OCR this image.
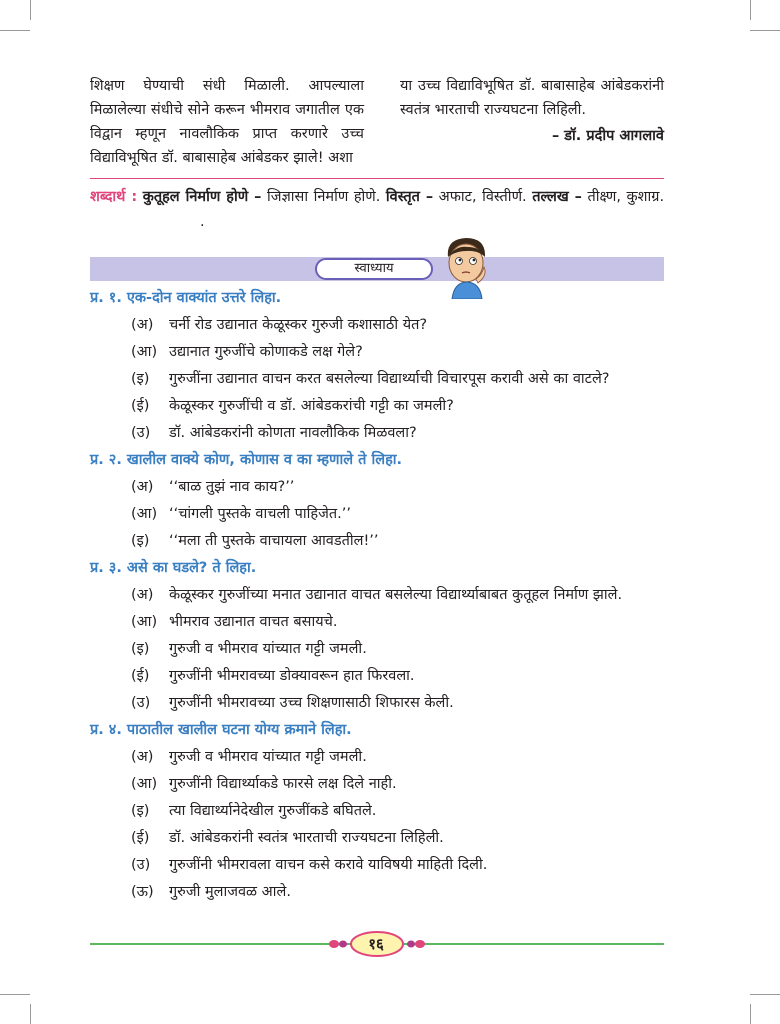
शिक्षण घेण्याची संधी मिळाली. आपल्याला मिळालेल्या संधीचे सोने करून भीमराव जगातील एक विद्वान म्हणून नावलौकिक प्राप्त करणारे उच्च विद्याविभूषित डॉ. बाबासाहेब आंबेडकर झाले! अशा
या उच्च विद्याविभूषित डॉ. बाबासाहेब आंबेडकरांनी स्वतंत्र भारताची राज्यघटना लिहिली.
– डॉ. प्रदीप आगलावे
शब्दार्थ : कुतूहल निर्माण होणे – जिज्ञासा निर्माण होणे. विस्तृत – अफाट, विस्तीर्ण. तल्लख – तीक्ष्ण, कुशाग्र. .
स्वाध्याय
प्र. १. एक-दोन वाक्यांत उत्तरे लिहा.
(अ) चर्नी रोड उद्यानात केळूस्कर गुरुजी कशासाठी येत?
(आ) उद्यानात गुरुजींचे कोणाकडे लक्ष गेले?
(इ) गुरुजींना उद्यानात वाचन करत बसलेल्या विद्यार्थ्याची विचारपूस करावी असे का वाटले?
(ई) केळूस्कर गुरुजींची व डॉ. आंबेडकरांची गट्टी का जमली?
(उ) डॉ. आंबेडकरांनी कोणता नावलौकिक मिळवला?
प्र. २. खालील वाक्ये कोण, कोणास व का म्हणाले ते लिहा.
(अ) ‘‘बाळ तुझं नाव काय?’’
(आ) ‘‘चांगली पुस्तके वाचली पाहिजेत.’’
(इ) ‘‘मला ती पुस्तके वाचायला आवडतील!’’
प्र. ३. असे का घडले? ते लिहा.
(अ) केळूस्कर गुरुजींच्या मनात उद्यानात वाचत बसलेल्या विद्यार्थ्याबाबत कुतूहल निर्माण झाले.
(आ) भीमराव उद्यानात वाचत बसायचे.
(इ) गुरुजी व भीमराव यांच्यात गट्टी जमली.
(ई) गुरुजींनी भीमरावच्या डोक्यावरून हात फिरवला.
(उ) गुरुजींनी भीमरावच्या उच्च शिक्षणासाठी शिफारस केली.
प्र. ४. पाठातील खालील घटना योग्य क्रमाने लिहा.
(अ) गुरुजी व भीमराव यांच्यात गट्टी जमली.
(आ) गुरुजींनी विद्यार्थ्याकडे फारसे लक्ष दिले नाही.
(इ) त्या विद्यार्थ्यानेदेखील गुरुजींकडे बघितले.
(ई) डॉ. आंबेडकरांनी स्वतंत्र भारताची राज्यघटना लिहिली.
(उ) गुरुजींनी भीमरावला वाचन कसे करावे याविषयी माहिती दिली.
(ऊ) गुरुजी मुलाजवळ आले.
१६
